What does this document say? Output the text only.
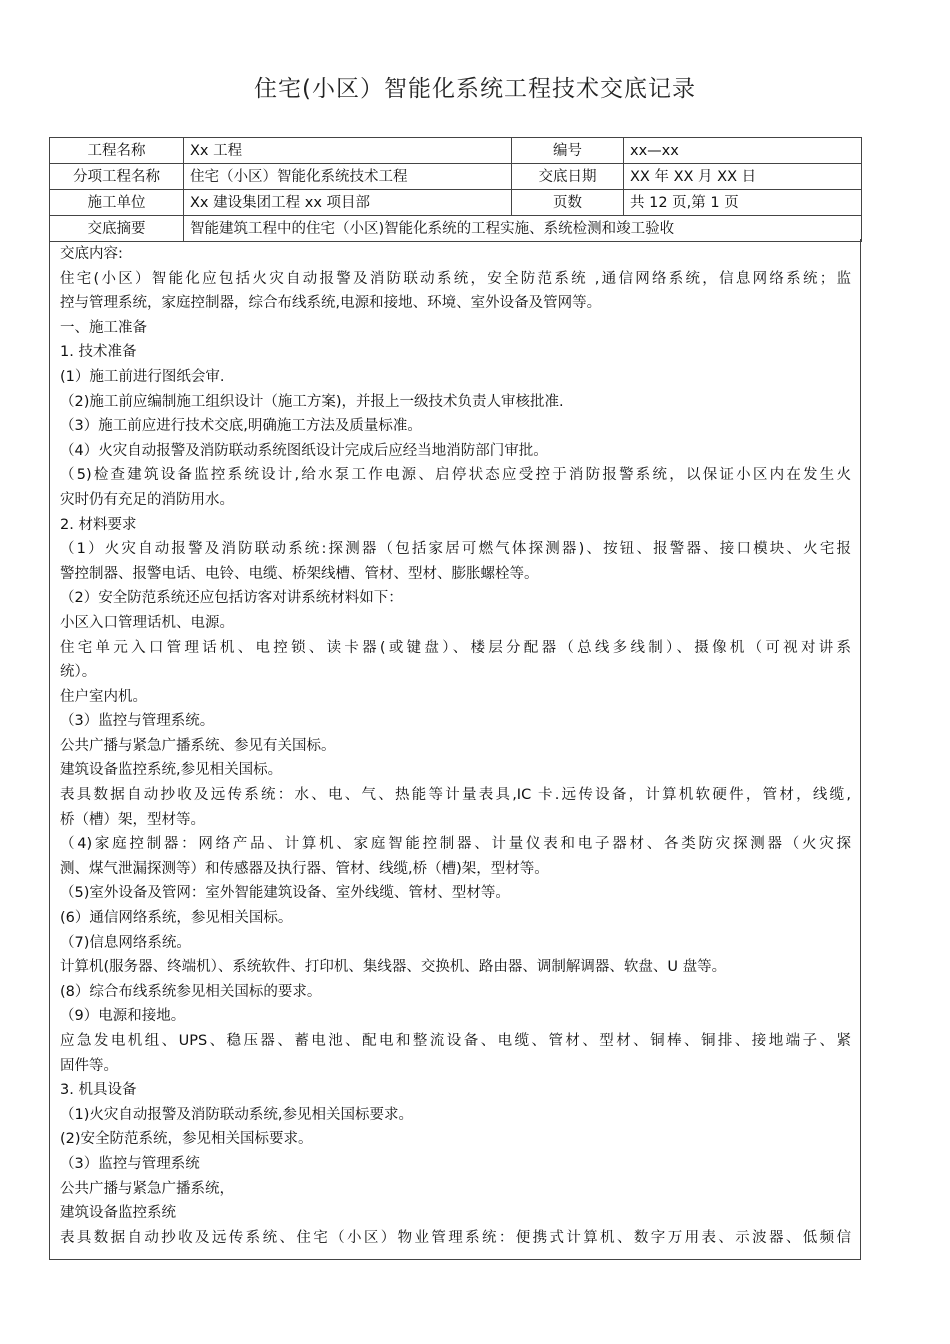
住宅(小区）智能化系统工程技术交底记录
工程名称	Xx 工程	编号	xx—xx
分项工程名称	住宅（小区）智能化系统技术工程	交底日期	XX 年 XX 月 XX 日
施工单位	Xx 建设集团工程 xx 项目部	页数	共 12 页,第 1 页
交底摘要	智能建筑工程中的住宅（小区)智能化系统的工程实施、系统检测和竣工验收		
交底内容:
住宅(小区）智能化应包括火灾自动报警及消防联动系统，安全防范系统 ,通信网络系统，信息网络系统；监
控与管理系统，家庭控制器，综合布线系统,电源和接地、环境、室外设备及管网等。
一、施工准备
1. 技术准备
(1）施工前进行图纸会审.
（2)施工前应编制施工组织设计（施工方案)，并报上一级技术负责人审核批准.
（3）施工前应进行技术交底,明确施工方法及质量标准。
（4）火灾自动报警及消防联动系统图纸设计完成后应经当地消防部门审批。
（5)检查建筑设备监控系统设计,给水泵工作电源、启停状态应受控于消防报警系统，以保证小区内在发生火
灾时仍有充足的消防用水。
2. 材料要求
（1）火灾自动报警及消防联动系统:探测器（包括家居可燃气体探测器)、按钮、报警器、接口模块、火宅报
警控制器、报警电话、电铃、电缆、桥架线槽、管材、型材、膨胀螺栓等。
（2）安全防范系统还应包括访客对讲系统材料如下：
小区入口管理话机、电源。
住宅单元入口管理话机、电控锁、读卡器(或键盘）、楼层分配器（总线多线制）、摄像机（可视对讲系
统）。
住户室内机。
（3）监控与管理系统。
公共广播与紧急广播系统、参见有关国标。
建筑设备监控系统,参见相关国标。
表具数据自动抄收及远传系统：水、电、气、热能等计量表具,IC 卡.远传设备，计算机软硬件，管材，线缆,
桥（槽）架，型材等。
（4)家庭控制器：网络产品、计算机、家庭智能控制器、计量仪表和电子器材、各类防灾探测器（火灾探
测、煤气泄漏探测等）和传感器及执行器、管材、线缆,桥（槽)架，型材等。
（5)室外设备及管网：室外智能建筑设备、室外线缆、管材、型材等。
(6）通信网络系统，参见相关国标。
（7)信息网络系统。
计算机(服务器、终端机）、系统软件、打印机、集线器、交换机、路由器、调制解调器、软盘、U 盘等。
(8）综合布线系统参见相关国标的要求。
（9）电源和接地。
应急发电机组、UPS、稳压器、蓄电池、配电和整流设备、电缆、管材、型材、铜棒、铜排、接地端子、紧
固件等。
3. 机具设备
（1)火灾自动报警及消防联动系统,参见相关国标要求。
(2)安全防范系统，参见相关国标要求。
（3）监控与管理系统
公共广播与紧急广播系统，
建筑设备监控系统
表具数据自动抄收及远传系统、住宅（小区）物业管理系统：便携式计算机、数字万用表、示波器、低频信
